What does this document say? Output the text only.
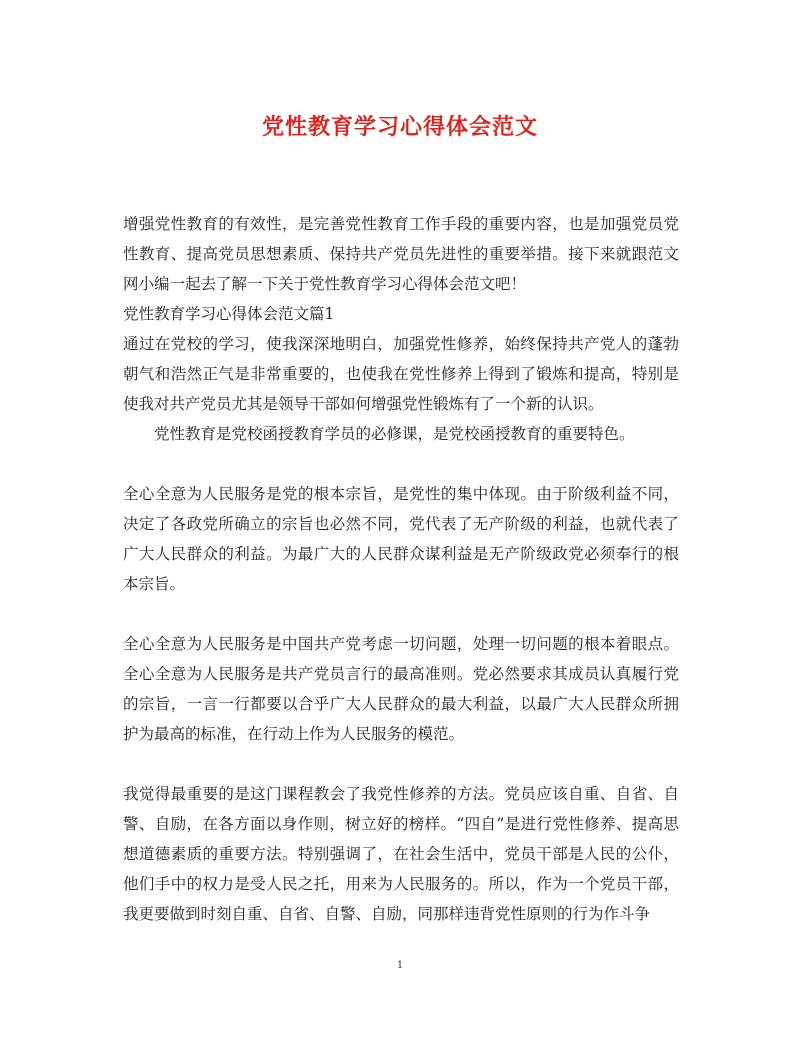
党性教育学习心得体会范文

增强党性教育的有效性，是完善党性教育工作手段的重要内容，也是加强党员党性教育、提高党员思想素质、保持共产党员先进性的重要举措。接下来就跟范文网小编一起去了解一下关于党性教育学习心得体会范文吧！

党性教育学习心得体会范文篇1

通过在党校的学习，使我深深地明白，加强党性修养，始终保持共产党人的蓬勃朝气和浩然正气是非常重要的，也使我在党性修养上得到了锻炼和提高，特别是使我对共产党员尤其是领导干部如何增强党性锻炼有了一个新的认识。

党性教育是党校函授教育学员的必修课，是党校函授教育的重要特色。

全心全意为人民服务是党的根本宗旨，是党性的集中体现。由于阶级利益不同，决定了各政党所确立的宗旨也必然不同，党代表了无产阶级的利益，也就代表了广大人民群众的利益。为最广大的人民群众谋利益是无产阶级政党必须奉行的根本宗旨。

全心全意为人民服务是中国共产党考虑一切问题，处理一切问题的根本着眼点。全心全意为人民服务是共产党员言行的最高准则。党必然要求其成员认真履行党的宗旨，一言一行都要以合乎广大人民群众的最大利益，以最广大人民群众所拥护为最高的标准，在行动上作为人民服务的模范。

我觉得最重要的是这门课程教会了我党性修养的方法。党员应该自重、自省、自警、自励，在各方面以身作则，树立好的榜样。“四自”是进行党性修养、提高思想道德素质的重要方法。特别强调了，在社会生活中，党员干部是人民的公仆，他们手中的权力是受人民之托，用来为人民服务的。所以，作为一个党员干部，我更要做到时刻自重、自省、自警、自励，同那样违背党性原则的行为作斗争

1
